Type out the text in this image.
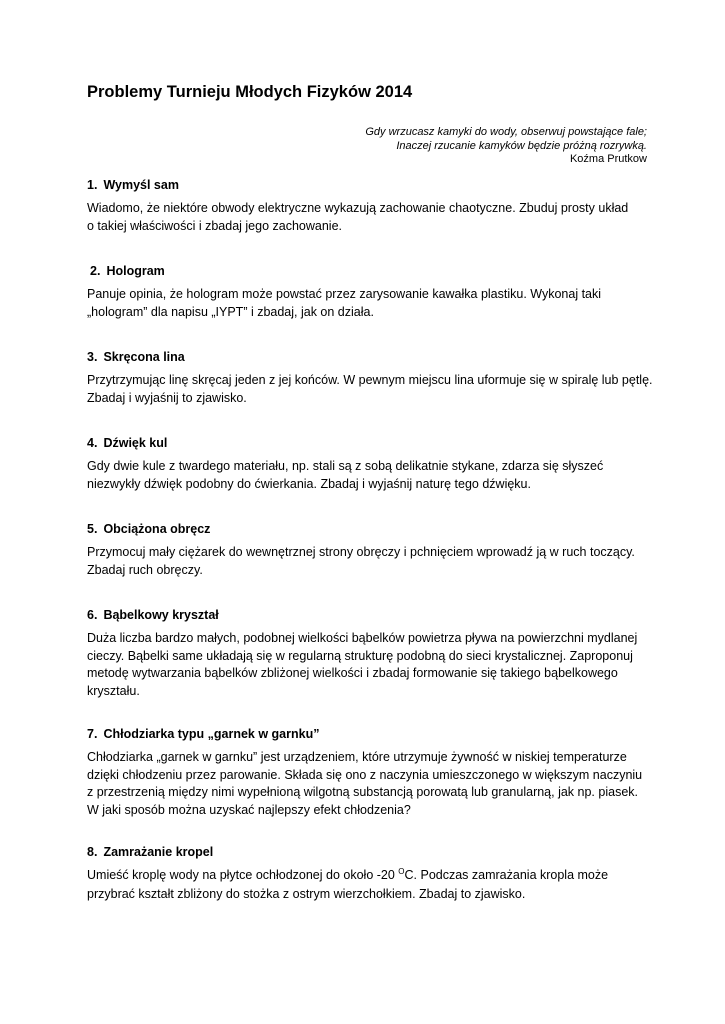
Problemy Turnieju Młodych Fizyków 2014
Gdy wrzucasz kamyki do wody, obserwuj powstające fale;
Inaczej rzucanie kamyków będzie próżną rozrywką.
Koźma Prutkow
1. Wymyśl sam

Wiadomo, że niektóre obwody elektryczne wykazują zachowanie chaotyczne. Zbuduj prosty układ
o takiej właściwości i zbadaj jego zachowanie.

2. Hologram

Panuje opinia, że hologram może powstać przez zarysowanie kawałka plastiku. Wykonaj taki
„hologram” dla napisu „IYPT” i zbadaj, jak on działa.

3. Skręcona lina

Przytrzymując linę skręcaj jeden z jej końców. W pewnym miejscu lina uformuje się w spiralę lub pętlę.
Zbadaj i wyjaśnij to zjawisko.

4. Dźwięk kul

Gdy dwie kule z twardego materiału, np. stali są z sobą delikatnie stykane, zdarza się słyszeć
niezwykły dźwięk podobny do ćwierkania. Zbadaj i wyjaśnij naturę tego dźwięku.

5. Obciążona obręcz

Przymocuj mały ciężarek do wewnętrznej strony obręczy i pchnięciem wprowadź ją w ruch toczący.
Zbadaj ruch obręczy.

6. Bąbelkowy kryształ

Duża liczba bardzo małych, podobnej wielkości bąbelków powietrza pływa na powierzchni mydlanej
cieczy. Bąbelki same układają się w regularną strukturę podobną do sieci krystalicznej. Zaproponuj
metodę wytwarzania bąbelków zbliżonej wielkości i zbadaj formowanie się takiego bąbelkowego
kryształu.

7. Chłodziarka typu „garnek w garnku”

Chłodziarka „garnek w garnku” jest urządzeniem, które utrzymuje żywność w niskiej temperaturze
dzięki chłodzeniu przez parowanie. Składa się ono z naczynia umieszczonego w większym naczyniu
z przestrzenią między nimi wypełnioną wilgotną substancją porowatą lub granularną, jak np. piasek.
W jaki sposób można uzyskać najlepszy efekt chłodzenia?

8. Zamrażanie kropel

Umieść kroplę wody na płytce ochłodzonej do około -20 $^O$C. Podczas zamrażania kropla może
przybrać kształt zbliżony do stożka z ostrym wierzchołkiem. Zbadaj to zjawisko.
